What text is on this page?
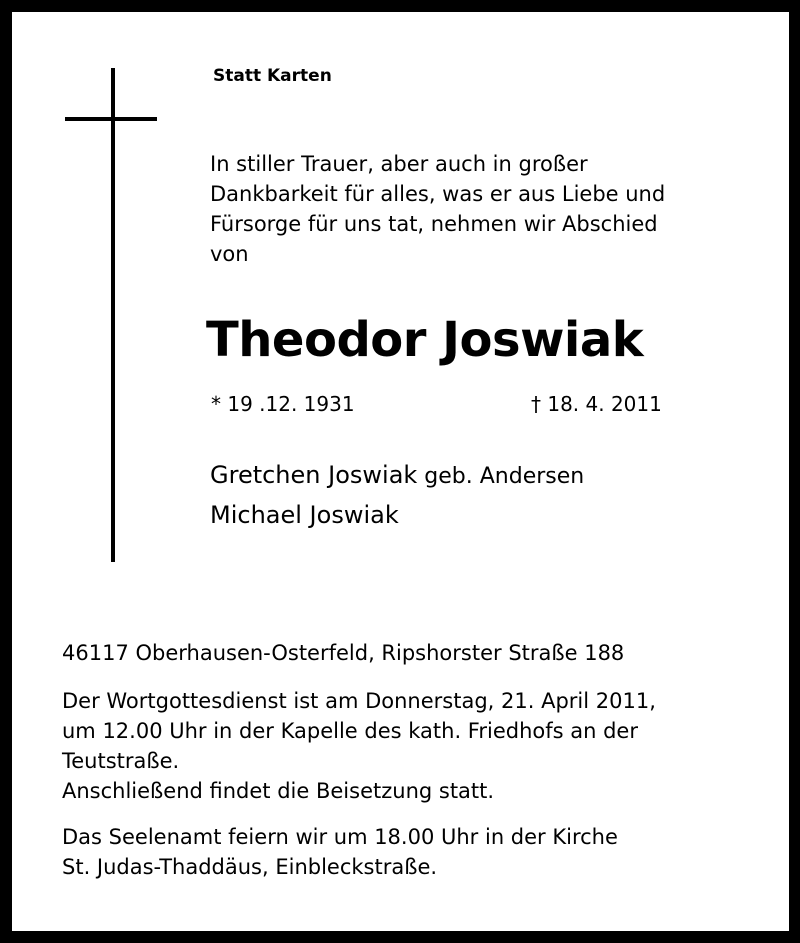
Statt Karten
In stiller Trauer, aber auch in großer
Dankbarkeit für alles, was er aus Liebe und
Fürsorge für uns tat, nehmen wir Abschied
von
Theodor Joswiak
* 19 .12. 1931	† 18. 4. 2011
Gretchen Joswiak geb. Andersen
Michael Joswiak
46117 Oberhausen-Osterfeld, Ripshorster Straße 188
Der Wortgottesdienst ist am Donnerstag, 21. April 2011,
um 12.00 Uhr in der Kapelle des kath. Friedhofs an der
Teutstraße.
Anschließend findet die Beisetzung statt.
Das Seelenamt feiern wir um 18.00 Uhr in der Kirche
St. Judas-Thaddäus, Einbleckstraße.
